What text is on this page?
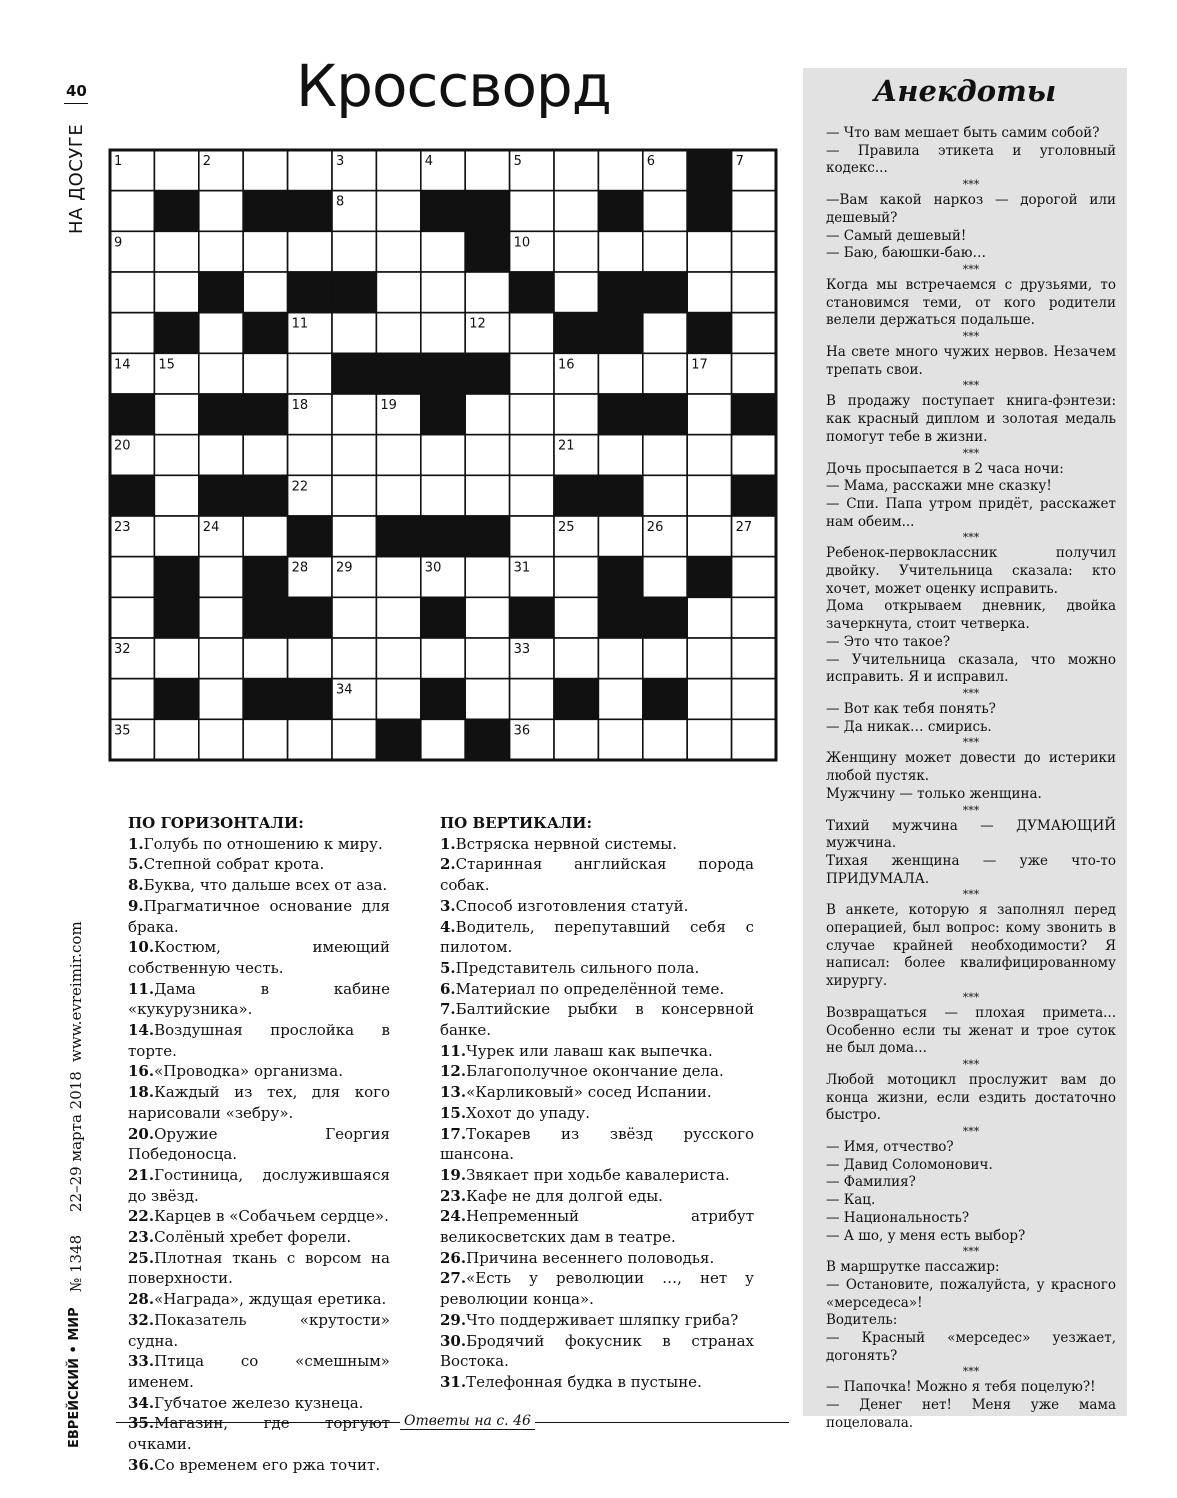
40
НА ДОСУГЕ
www.evreimir.com
22–29 марта 2018
№ 1348
ЕВРЕЙСКИЙ • МИР
Кроссворд
1	2	3	4	5	6	7
8
9	10
11	12	13
14 15	16	17
18	19
20	21
22
23	24	25	26	27
28 29	30	31
32	33
34
35	36
ПО ГОРИЗОНТАЛИ:

1.Голубь по отношению к миру.

5.Степной собрат крота.

8.Буква, что дальше всех от аза.

9.Прагматичное основание для брака.

10.Костюм, имеющий собственную честь.

11.Дама в кабине «кукурузника».

14.Воздушная прослойка в торте.

16.«Проводка» организма.

18.Каждый из тех, для кого нарисовали «зебру».

20.Оружие Георгия Победоносца.

21.Гостиница, дослужившаяся до звёзд.

22.Карцев в «Собачьем сердце».

23.Солёный хребет форели.

25.Плотная ткань с ворсом на поверхности.

28.«Награда», ждущая еретика.

32.Показатель «крутости» судна.

33.Птица со «смешным» именем.

34.Губчатое железо кузнеца.

35.Магазин, где торгуют очками.

36.Со временем его ржа точит.

ПО ВЕРТИКАЛИ:

1.Встряска нервной системы.

2.Старинная английская порода собак.

3.Способ изготовления статуй.

4.Водитель, перепутавший себя с пилотом.

5.Представитель сильного пола.

6.Материал по определённой теме.

7.Балтийские рыбки в консервной банке.

11.Чурек или лаваш как выпечка.

12.Благополучное окончание дела.

13.«Карликовый» сосед Испании.

15.Хохот до упаду.

17.Токарев из звёзд русского шансона.

19.Звякает при ходьбе кавалериста.

23.Кафе не для долгой еды.

24.Непременный атрибут великосветских дам в театре.

26.Причина весеннего половодья.

27.«Есть у революции …, нет у революции конца».

29.Что поддерживает шляпку гриба?

30.Бродячий фокусник в странах Востока.

31.Телефонная будка в пустыне.

Ответы на с. 46
Анекдоты

— Что вам мешает быть самим собой?

— Правила этикета и уголовный кодекс...

***

—Вам какой наркоз — дорогой или дешевый?

— Самый дешевый!

— Баю, баюшки-баю…

***

Когда мы встречаемся с друзьями, то становимся теми, от кого родители велели держаться подальше.

***

На свете много чужих нервов. Незачем трепать свои.

***

В продажу поступает книга-фэнтези: как красный диплом и золотая медаль помогут тебе в жизни.

***

Дочь просыпается в 2 часа ночи:

— Мама, расскажи мне сказку!

— Спи. Папа утром придёт, расскажет нам обеим...

***

Ребенок-первоклассник получил двойку. Учительница сказала: кто хочет, может оценку исправить.

Дома открываем дневник, двойка зачеркнута, стоит четверка.

— Это что такое?

— Учительница сказала, что можно исправить. Я и исправил.

***

— Вот как тебя понять?

— Да никак… смирись.

***

Женщину может довести до истерики любой пустяк.

Мужчину — только женщина.

***

Тихий мужчина — ДУМАЮЩИЙ мужчина.

Тихая женщина — уже что-то ПРИДУМАЛА.

***

В анкете, которую я заполнял перед операцией, был вопрос: кому звонить в случае крайней необходимости? Я написал: более квалифицированному хирургу.

***

Возвращаться — плохая примета... Особенно если ты женат и трое суток не был дома...

***

Любой мотоцикл прослужит вам до конца жизни, если ездить достаточно быстро.

***

— Имя, отчество?

— Давид Соломонович.

— Фамилия?

— Кац.

— Национальность?

— А шо, у меня есть выбор?

***

В маршрутке пассажир:

— Остановите, пожалуйста, у красного «мерседеса»!

Водитель:

— Красный «мерседес» уезжает, догонять?

***

— Папочка! Можно я тебя поцелую?!

— Денег нет! Меня уже мама поцеловала.
